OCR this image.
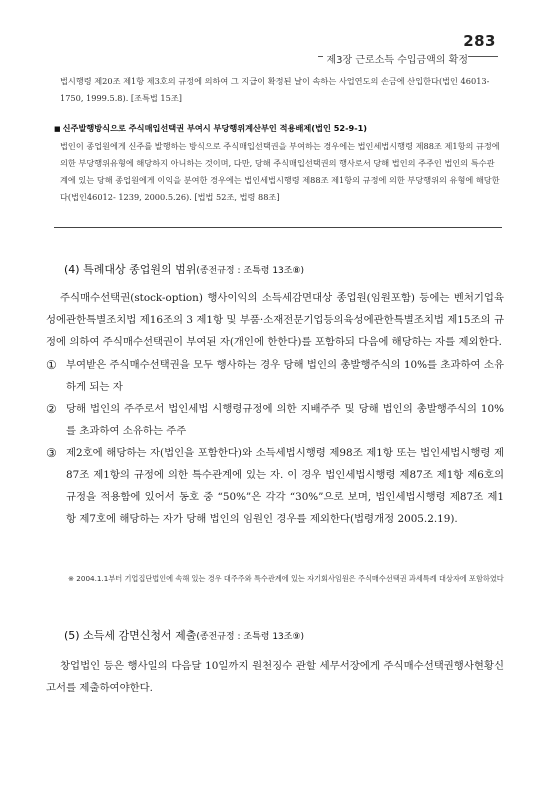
283
제3장 근로소득 수입금액의 확정
법시행령 제20조 제1항 제3호의 규정에 의하여 그 지급이 확정된 날이 속하는 사업연도의 손금에 산입한다(법인 46013-1750, 1999.5.8). [조특법 15조]
■ 신주발행방식으로 주식매입선택권 부여시 부당행위계산부인 적용배제(법인 52-9-1)
법인이 종업원에게 신주를 발행하는 방식으로 주식매입선택권을 부여하는 경우에는 법인세법시행령 제88조 제1항의 규정에 의한 부당행위유형에 해당하지 아니하는 것이며, 다만, 당해 주식매입선택권의 행사로서 당해 법인의 주주인 법인의 특수관계에 있는 당해 종업원에게 이익을 분여한 경우에는 법인세법시행령 제88조 제1항의 규정에 의한 부당행위의 유형에 해당한다(법인46012- 1239, 2000.5.26). [법법 52조, 법령 88조]
(4) 특례대상 종업원의 범위(종전규정 : 조특령 13조⑧)
주식매수선택권(stock-option) 행사이익의 소득세감면대상 종업원(임원포함) 등에는 벤처기업육성에관한특별조치법 제16조의 3 제1항 및 부품·소재전문기업등의육성에관한특별조치법 제15조의 규정에 의하여 주식매수선택권이 부여된 자(개인에 한한다)를 포함하되 다음에 해당하는 자를 제외한다.
① 부여받은 주식매수선택권을 모두 행사하는 경우 당해 법인의 총발행주식의 10%를 초과하여 소유하게 되는 자
② 당해 법인의 주주로서 법인세법 시행령규정에 의한 지배주주 및 당해 법인의 총발행주식의 10%를 초과하여 소유하는 주주
③ 제2호에 해당하는 자(법인을 포함한다)와 소득세법시행령 제98조 제1항 또는 법인세법시행령 제87조 제1항의 규정에 의한 특수관계에 있는 자. 이 경우 법인세법시행령 제87조 제1항 제6호의 규정을 적용함에 있어서 동호 중 “50%”은 각각 “30%”으로 보며, 법인세법시행령 제87조 제1항 제7호에 해당하는 자가 당해 법인의 임원인 경우를 제외한다(법령개정 2005.2.19).
※ 2004.1.1부터 기업집단법인에 속해 있는 경우 대주주와 특수관계에 있는 자기회사임원은 주식매수선택권 과세특례 대상자에 포함하였다
(5) 소득세 감면신청서 제출(종전규정 : 조특령 13조⑨)
창업법인 등은 행사일의 다음달 10일까지 원천징수 관할 세무서장에게 주식매수선택권행사현황신고서를 제출하여야한다.
